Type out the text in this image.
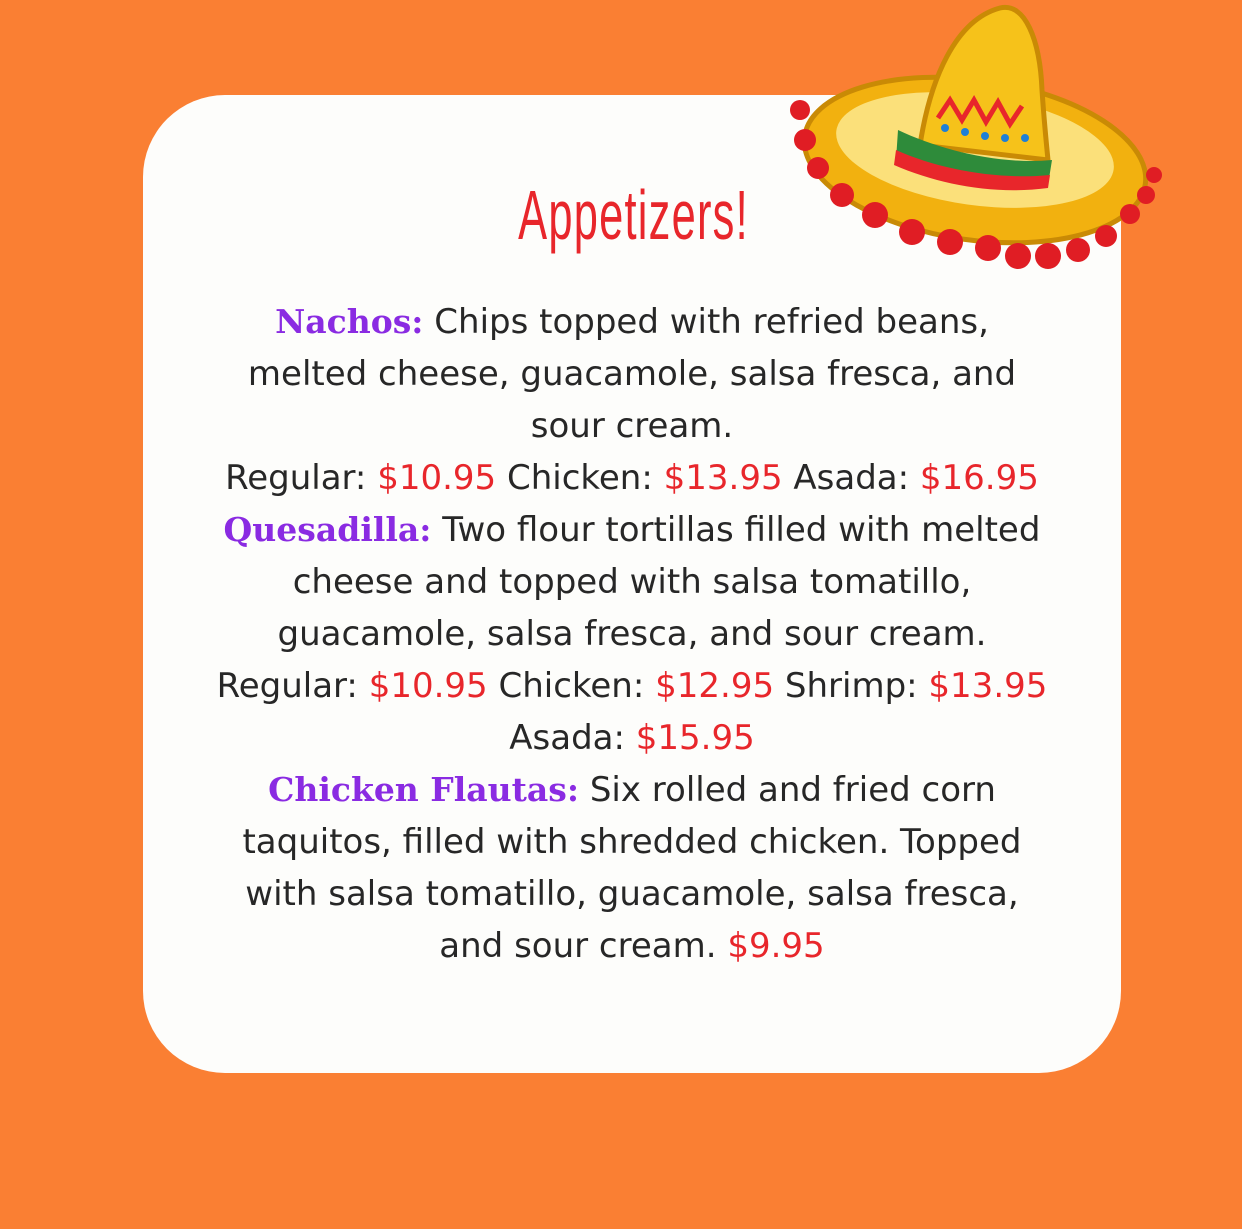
Appetizers!
Nachos: Chips topped with refried beans,
melted cheese, guacamole, salsa fresca, and
sour cream.
Regular: $10.95 Chicken: $13.95 Asada: $16.95
Quesadilla: Two flour tortillas filled with melted
cheese and topped with salsa tomatillo,
guacamole, salsa fresca, and sour cream.
Regular: $10.95 Chicken: $12.95 Shrimp: $13.95
Asada: $15.95
Chicken Flautas: Six rolled and fried corn
taquitos, filled with shredded chicken. Topped
with salsa tomatillo, guacamole, salsa fresca,
and sour cream. $9.95
